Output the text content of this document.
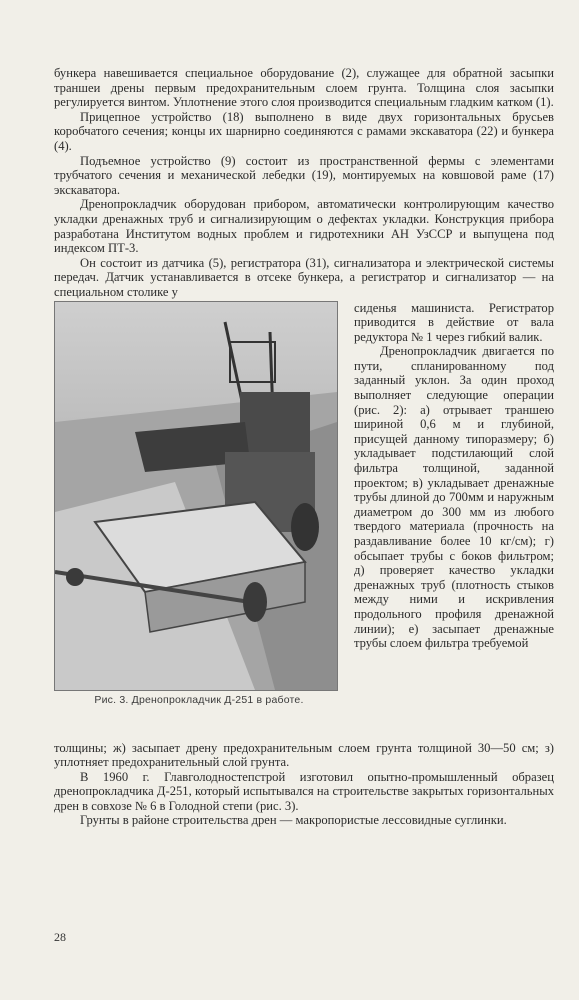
бункера навешивается специальное оборудование (2), служащее для обратной засыпки траншеи дрены первым предохранительным слоем грунта. Толщина слоя засыпки регулируется винтом. Уплотнение этого слоя производится специальным гладким катком (1).

Прицепное устройство (18) выполнено в виде двух горизонтальных брусьев коробчатого сечения; концы их шарнирно соединяются с рамами экскаватора (22) и бункера (4).

Подъемное устройство (9) состоит из пространственной фермы с элементами трубчатого сечения и механической лебедки (19), монтируемых на ковшовой раме (17) экскаватора.

Дренопрокладчик оборудован прибором, автоматически контролирующим качество укладки дренажных труб и сигнализирующим о дефектах укладки. Конструкция прибора разработана Институтом водных проблем и гидротехники АН УзССР и выпущена под индексом ПТ-3.

Он состоит из датчика (5), регистратора (31), сигнализатора и электрической системы передач. Датчик устанавливается в отсеке бункера, а регистратор и сигнализатор — на специальном столике у

Рис. 3. Дренопрокладчик Д-251 в работе.

сиденья машиниста. Регистратор приводится в действие от вала редуктора № 1 через гибкий валик.

Дренопрокладчик двигается по пути, спланированному под заданный уклон. За один проход выполняет следующие операции (рис. 2): а) отрывает траншею шириной 0,6 м и глубиной, присущей данному типоразмеру; б) укладывает подстилающий слой фильтра толщиной, заданной проектом; в) укладывает дренажные трубы длиной до 700мм и наружным диаметром до 300 мм из любого твердого материала (прочность на раздавливание более 10 кг/см); г) обсыпает трубы с боков фильтром; д) проверяет качество укладки дренажных труб (плотность стыков между ними и искривления продольного профиля дренажной линии); е) засыпает дренажные трубы слоем фильтра требуемой

толщины; ж) засыпает дрену предохранительным слоем грунта толщиной 30—50 см; з) уплотняет предохранительный слой грунта.

В 1960 г. Главголодностепстрой изготовил опытно-промышленный образец дренопрокладчика Д-251, который испытывался на строительстве закрытых горизонтальных дрен в совхозе № 6 в Голодной степи (рис. 3).

Грунты в районе строительства дрен — макропористые лессовидные суглинки.

28
